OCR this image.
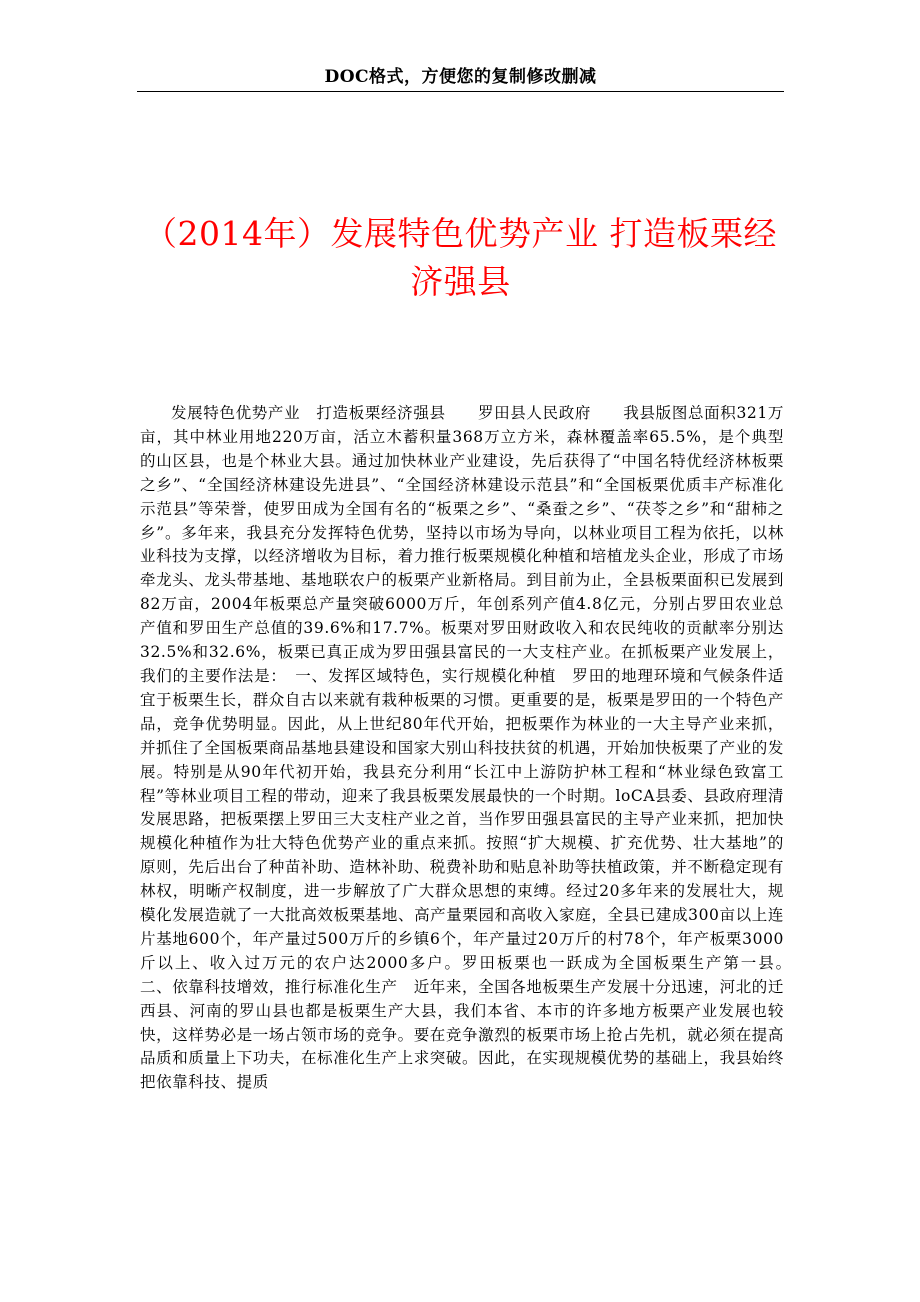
DOC格式，方便您的复制修改删减
（2014年）发展特色优势产业 打造板栗经济强县

发展特色优势产业　打造板栗经济强县　　罗田县人民政府　　我县版图总面积321万亩，其中林业用地220万亩，活立木蓄积量368万立方米，森林覆盖率65.5%，是个典型的山区县，也是个林业大县。通过加快林业产业建设，先后获得了“中国名特优经济林板栗之乡”、“全国经济林建设先进县”、“全国经济林建设示范县”和“全国板栗优质丰产标准化示范县”等荣誉，使罗田成为全国有名的“板栗之乡”、“桑蚕之乡”、“茯苓之乡”和“甜柿之乡”。多年来，我县充分发挥特色优势，坚持以市场为导向，以林业项目工程为依托，以林业科技为支撑，以经济增收为目标，着力推行板栗规模化种植和培植龙头企业，形成了市场牵龙头、龙头带基地、基地联农户的板栗产业新格局。到目前为止，全县板栗面积已发展到82万亩，2004年板栗总产量突破6000万斤，年创系列产值4.8亿元，分别占罗田农业总产值和罗田生产总值的39.6%和17.7%。板栗对罗田财政收入和农民纯收的贡献率分别达32.5%和32.6%，板栗已真正成为罗田强县富民的一大支柱产业。在抓板栗产业发展上，我们的主要作法是：　一、发挥区域特色，实行规模化种植　罗田的地理环境和气候条件适宜于板栗生长，群众自古以来就有栽种板栗的习惯。更重要的是，板栗是罗田的一个特色产品，竞争优势明显。因此，从上世纪80年代开始，把板栗作为林业的一大主导产业来抓，并抓住了全国板栗商品基地县建设和国家大别山科技扶贫的机遇，开始加快板栗了产业的发展。特别是从90年代初开始，我县充分利用“长江中上游防护林工程和“林业绿色致富工程”等林业项目工程的带动，迎来了我县板栗发展最快的一个时期。loCA县委、县政府理清发展思路，把板栗摆上罗田三大支柱产业之首，当作罗田强县富民的主导产业来抓，把加快规模化种植作为壮大特色优势产业的重点来抓。按照“扩大规模、扩充优势、壮大基地”的原则，先后出台了种苗补助、造林补助、税费补助和贴息补助等扶植政策，并不断稳定现有林权，明晰产权制度，进一步解放了广大群众思想的束缚。经过20多年来的发展壮大，规模化发展造就了一大批高效板栗基地、高产量栗园和高收入家庭，全县已建成300亩以上连片基地600个，年产量过500万斤的乡镇6个，年产量过20万斤的村78个，年产板栗3000斤以上、收入过万元的农户达2000多户。罗田板栗也一跃成为全国板栗生产第一县。　二、依靠科技增效，推行标准化生产　近年来，全国各地板栗生产发展十分迅速，河北的迁西县、河南的罗山县也都是板栗生产大县，我们本省、本市的许多地方板栗产业发展也较快，这样势必是一场占领市场的竞争。要在竞争激烈的板栗市场上抢占先机，就必须在提高品质和质量上下功夫，在标准化生产上求突破。因此，在实现规模优势的基础上，我县始终把依靠科技、提质
